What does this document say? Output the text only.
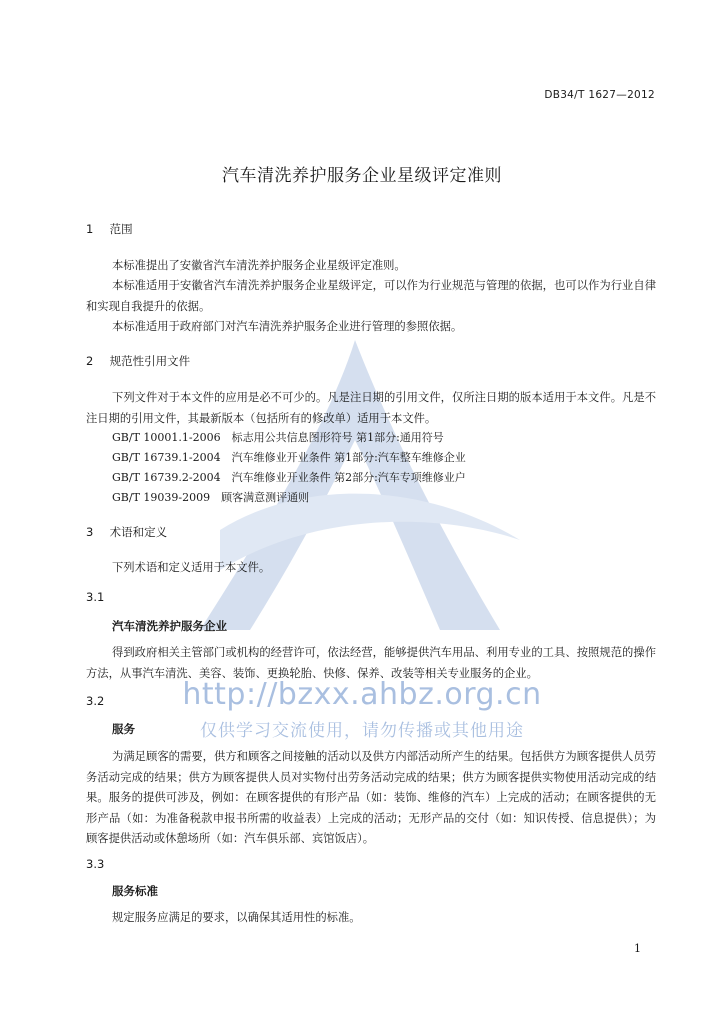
DB34/T 1627—2012
汽车清洗养护服务企业星级评定准则
1 范围

本标准提出了安徽省汽车清洗养护服务企业星级评定准则。

本标准适用于安徽省汽车清洗养护服务企业星级评定，可以作为行业规范与管理的依据，也可以作为行业自律和实现自我提升的依据。

本标准适用于政府部门对汽车清洗养护服务企业进行管理的参照依据。

2 规范性引用文件

下列文件对于本文件的应用是必不可少的。凡是注日期的引用文件，仅所注日期的版本适用于本文件。凡是不注日期的引用文件，其最新版本（包括所有的修改单）适用于本文件。

GB/T 10001.1-2006　标志用公共信息图形符号 第1部分:通用符号

GB/T 16739.1-2004　汽车维修业开业条件 第1部分:汽车整车维修企业

GB/T 16739.2-2004　汽车维修业开业条件 第2部分:汽车专项维修业户

GB/T 19039-2009　顾客满意测评通则

3 术语和定义

下列术语和定义适用于本文件。

3.1
汽车清洗养护服务企业

得到政府相关主管部门或机构的经营许可，依法经营，能够提供汽车用品、利用专业的工具、按照规范的操作方法，从事汽车清洗、美容、装饰、更换轮胎、快修、保养、改装等相关专业服务的企业。

3.2
服务

为满足顾客的需要，供方和顾客之间接触的活动以及供方内部活动所产生的结果。包括供方为顾客提供人员劳务活动完成的结果；供方为顾客提供人员对实物付出劳务活动完成的结果；供方为顾客提供实物使用活动完成的结果。服务的提供可涉及，例如：在顾客提供的有形产品（如：装饰、维修的汽车）上完成的活动；在顾客提供的无形产品（如：为准备税款申报书所需的收益表）上完成的活动；无形产品的交付（如：知识传授、信息提供）；为顾客提供活动或休憩场所（如：汽车俱乐部、宾馆饭店）。

3.3
服务标准

规定服务应满足的要求，以确保其适用性的标准。

http://bzxx.ahbz.org.cn
仅供学习交流使用，请勿传播或其他用途
1
